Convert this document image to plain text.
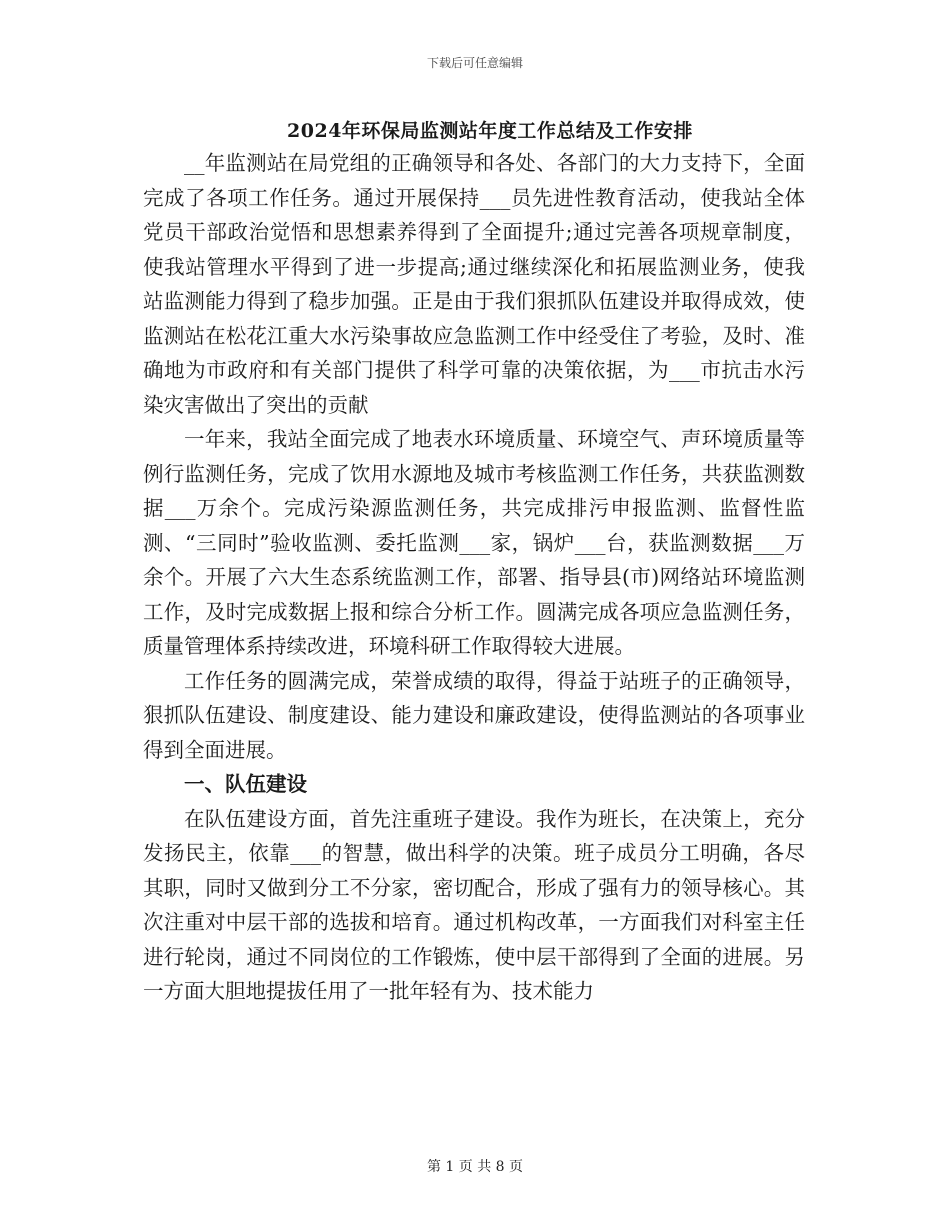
下载后可任意编辑
2024年环保局监测站年度工作总结及工作安排

__年监测站在局党组的正确领导和各处、各部门的大力支持下，全面完成了各项工作任务。通过开展保持___员先进性教育活动，使我站全体党员干部政治觉悟和思想素养得到了全面提升;通过完善各项规章制度，使我站管理水平得到了进一步提高;通过继续深化和拓展监测业务，使我站监测能力得到了稳步加强。正是由于我们狠抓队伍建设并取得成效，使监测站在松花江重大水污染事故应急监测工作中经受住了考验，及时、准确地为市政府和有关部门提供了科学可靠的决策依据，为___市抗击水污染灾害做出了突出的贡献

一年来，我站全面完成了地表水环境质量、环境空气、声环境质量等例行监测任务，完成了饮用水源地及城市考核监测工作任务，共获监测数据___万余个。完成污染源监测任务，共完成排污申报监测、监督性监测、“三同时”验收监测、委托监测___家，锅炉___台，获监测数据___万余个。开展了六大生态系统监测工作，部署、指导县(市)网络站环境监测工作，及时完成数据上报和综合分析工作。圆满完成各项应急监测任务，质量管理体系持续改进，环境科研工作取得较大进展。

工作任务的圆满完成，荣誉成绩的取得，得益于站班子的正确领导，狠抓队伍建设、制度建设、能力建设和廉政建设，使得监测站的各项事业得到全面进展。

一、队伍建设

在队伍建设方面，首先注重班子建设。我作为班长，在决策上，充分发扬民主，依靠___的智慧，做出科学的决策。班子成员分工明确，各尽其职，同时又做到分工不分家，密切配合，形成了强有力的领导核心。其次注重对中层干部的选拔和培育。通过机构改革，一方面我们对科室主任进行轮岗，通过不同岗位的工作锻炼，使中层干部得到了全面的进展。另一方面大胆地提拔任用了一批年轻有为、技术能力

第 1 页 共 8 页
